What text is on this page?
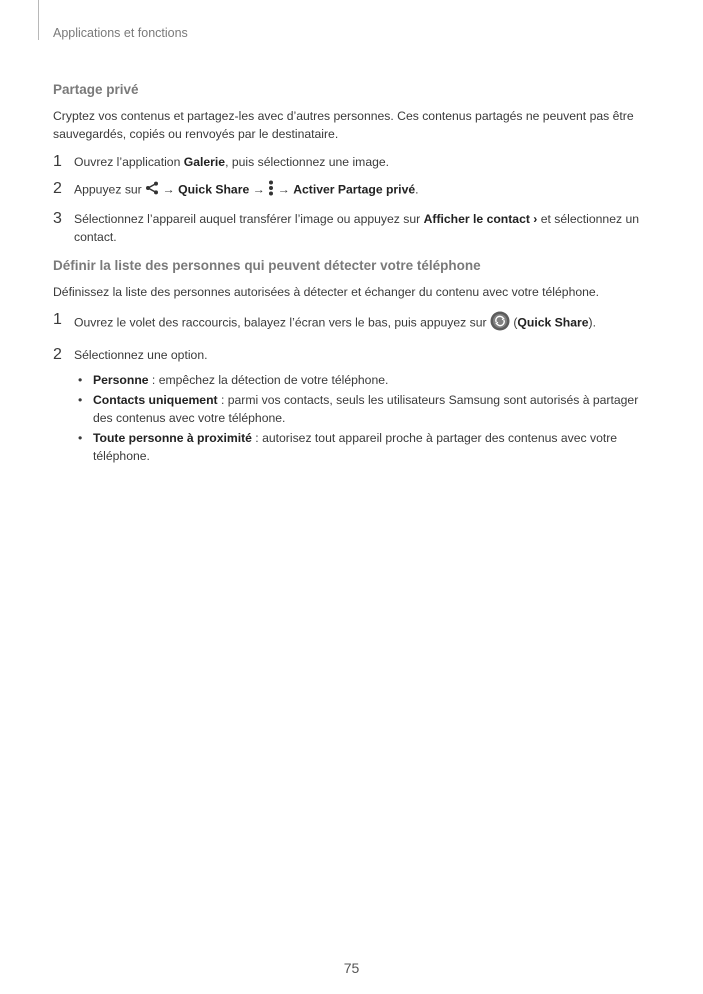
Applications et fonctions
Partage privé

Cryptez vos contenus et partagez-les avec d’autres personnes. Ces contenus partagés ne peuvent pas être sauvegardés, copiés ou renvoyés par le destinataire.

1 Ouvrez l’application Galerie, puis sélectionnez une image.
2 Appuyez sur  → Quick Share →  → Activer Partage privé.
3 Sélectionnez l’appareil auquel transférer l’image ou appuyez sur Afficher le contact › et sélectionnez un contact.
Définir la liste des personnes qui peuvent détecter votre téléphone

Définissez la liste des personnes autorisées à détecter et échanger du contenu avec votre téléphone.

1 Ouvrez le volet des raccourcis, balayez l’écran vers le bas, puis appuyez sur  (Quick Share).
2 Sélectionnez une option.
• Personne : empêchez la détection de votre téléphone.
• Contacts uniquement : parmi vos contacts, seuls les utilisateurs Samsung sont autorisés à partager des contenus avec votre téléphone.
• Toute personne à proximité : autorisez tout appareil proche à partager des contenus avec votre téléphone.
75
